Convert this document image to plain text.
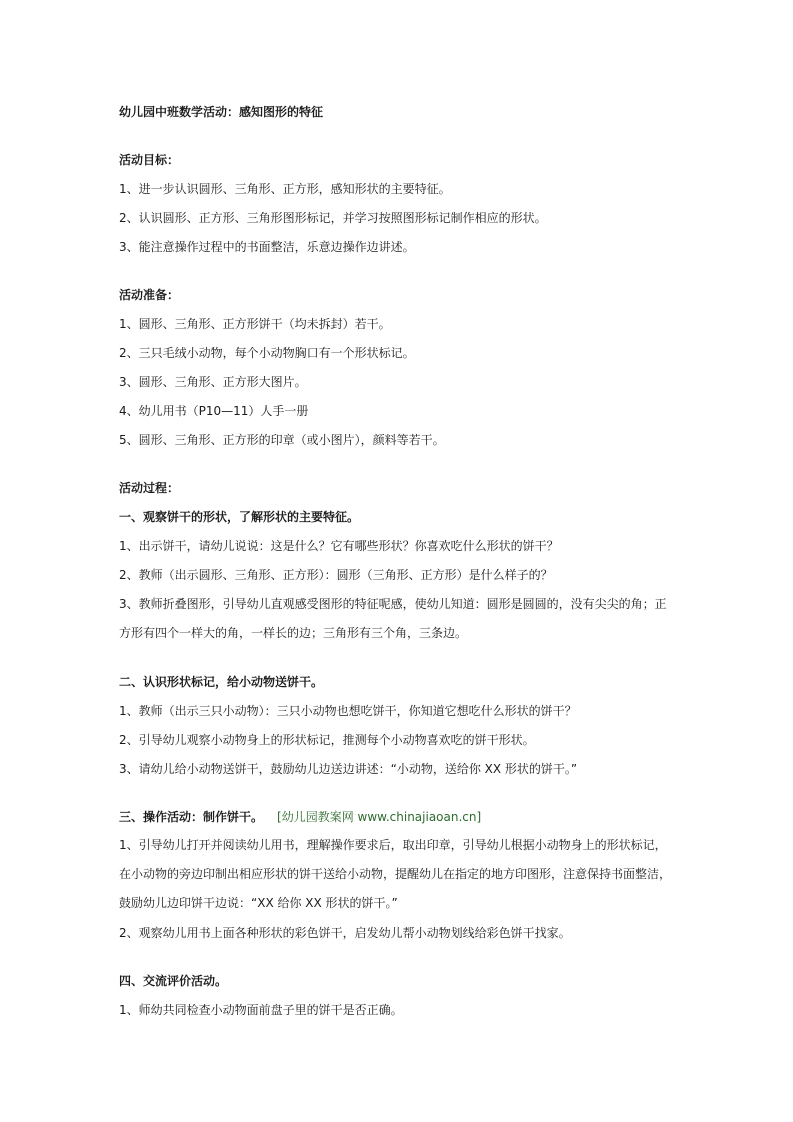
幼儿园中班数学活动：感知图形的特征
活动目标：
1、进一步认识圆形、三角形、正方形，感知形状的主要特征。
2、认识圆形、正方形、三角形图形标记，并学习按照图形标记制作相应的形状。
3、能注意操作过程中的书面整洁，乐意边操作边讲述。
活动准备：
1、圆形、三角形、正方形饼干（均未拆封）若干。
2、三只毛绒小动物，每个小动物胸口有一个形状标记。
3、圆形、三角形、正方形大图片。
4、幼儿用书（P10—11）人手一册
5、圆形、三角形、正方形的印章（或小图片），颜料等若干。
活动过程：
一、观察饼干的形状，了解形状的主要特征。
1、出示饼干，请幼儿说说：这是什么？它有哪些形状？你喜欢吃什么形状的饼干？
2、教师（出示圆形、三角形、正方形）：圆形（三角形、正方形）是什么样子的？
3、教师折叠图形，引导幼儿直观感受图形的特征呢感，使幼儿知道：圆形是圆圆的，没有尖尖的角；正方形有四个一样大的角，一样长的边；三角形有三个角，三条边。
二、认识形状标记，给小动物送饼干。
1、教师（出示三只小动物）：三只小动物也想吃饼干，你知道它想吃什么形状的饼干？
2、引导幼儿观察小动物身上的形状标记，推测每个小动物喜欢吃的饼干形状。
3、请幼儿给小动物送饼干，鼓励幼儿边送边讲述：“小动物，送给你 XX 形状的饼干。”
三、操作活动：制作饼干。 [幼儿园教案网 www.chinajiaoan.cn]
1、引导幼儿打开并阅读幼儿用书，理解操作要求后，取出印章，引导幼儿根据小动物身上的形状标记，在小动物的旁边印制出相应形状的饼干送给小动物，提醒幼儿在指定的地方印图形，注意保持书面整洁，鼓励幼儿边印饼干边说：“XX 给你 XX 形状的饼干。”
2、观察幼儿用书上面各种形状的彩色饼干，启发幼儿帮小动物划线给彩色饼干找家。
四、交流评价活动。
1、师幼共同检查小动物面前盘子里的饼干是否正确。
